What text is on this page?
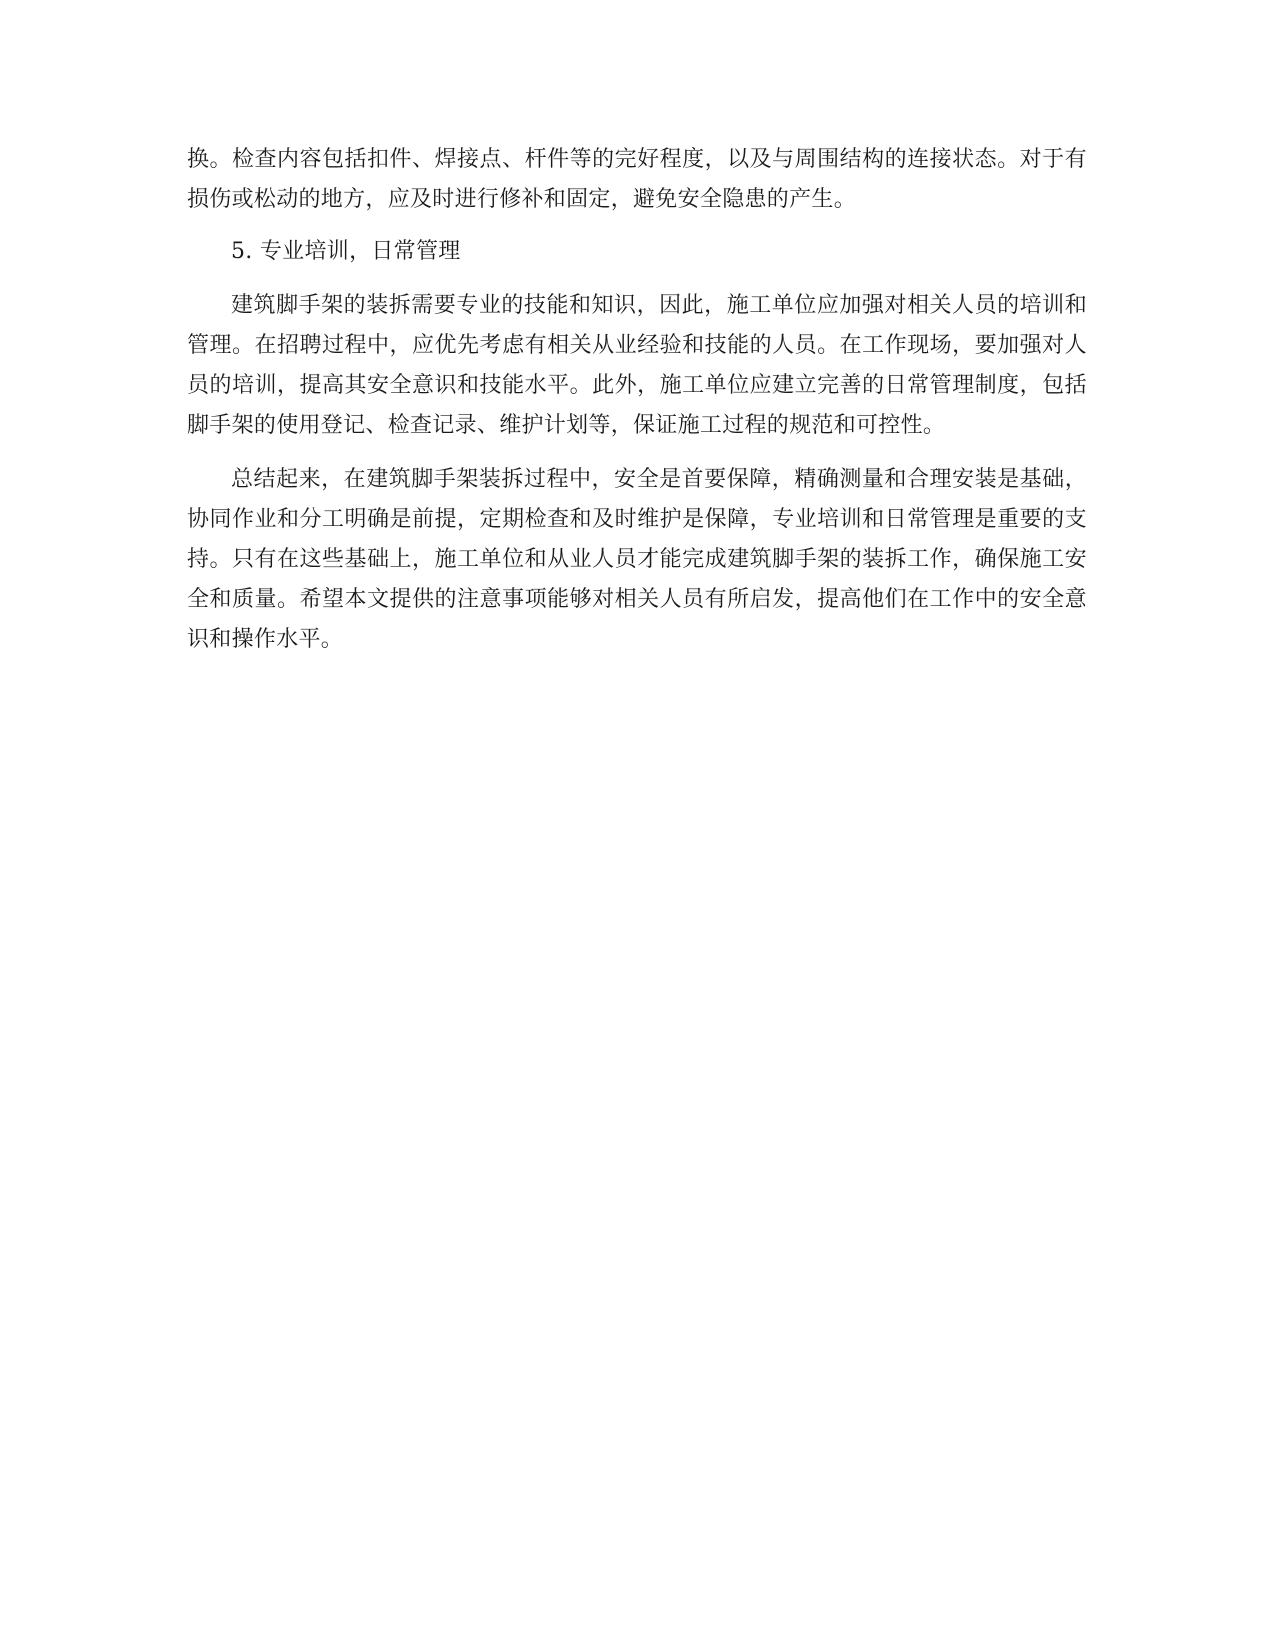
换。检查内容包括扣件、焊接点、杆件等的完好程度，以及与周围结构的连接状态。对于有损伤或松动的地方，应及时进行修补和固定，避免安全隐患的产生。

5. 专业培训，日常管理

建筑脚手架的装拆需要专业的技能和知识，因此，施工单位应加强对相关人员的培训和管理。在招聘过程中，应优先考虑有相关从业经验和技能的人员。在工作现场，要加强对人员的培训，提高其安全意识和技能水平。此外，施工单位应建立完善的日常管理制度，包括脚手架的使用登记、检查记录、维护计划等，保证施工过程的规范和可控性。

总结起来，在建筑脚手架装拆过程中，安全是首要保障，精确测量和合理安装是基础，协同作业和分工明确是前提，定期检查和及时维护是保障，专业培训和日常管理是重要的支持。只有在这些基础上，施工单位和从业人员才能完成建筑脚手架的装拆工作，确保施工安全和质量。希望本文提供的注意事项能够对相关人员有所启发，提高他们在工作中的安全意识和操作水平。
